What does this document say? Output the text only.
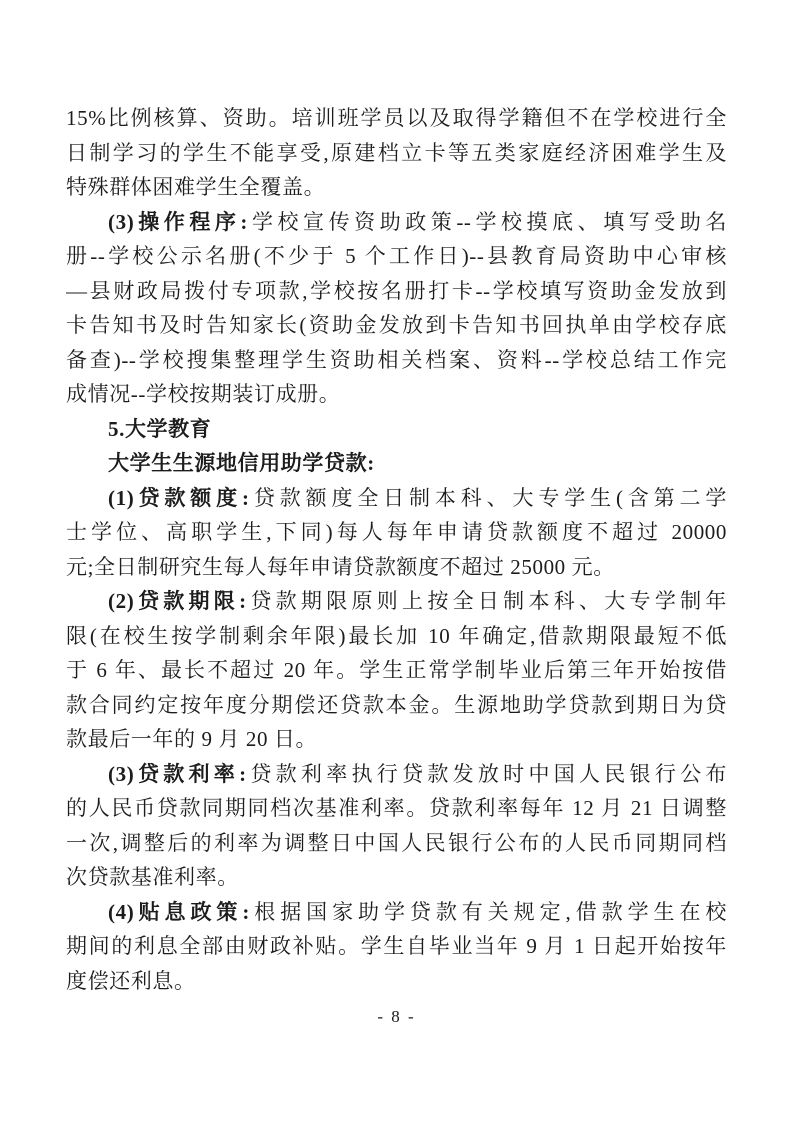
15%比例核算、资助。培训班学员以及取得学籍但不在学校进行全
日制学习的学生不能享受,原建档立卡等五类家庭经济困难学生及
特殊群体困难学生全覆盖。
(3)操作程序:学校宣传资助政策--学校摸底、填写受助名
册--学校公示名册(不少于 5 个工作日)--县教育局资助中心审核
—县财政局拨付专项款,学校按名册打卡--学校填写资助金发放到
卡告知书及时告知家长(资助金发放到卡告知书回执单由学校存底
备查)--学校搜集整理学生资助相关档案、资料--学校总结工作完
成情况--学校按期装订成册。
5.大学教育
大学生生源地信用助学贷款:
(1)贷款额度:贷款额度全日制本科、大专学生(含第二学
士学位、高职学生,下同)每人每年申请贷款额度不超过 20000
元;全日制研究生每人每年申请贷款额度不超过 25000 元。
(2)贷款期限:贷款期限原则上按全日制本科、大专学制年
限(在校生按学制剩余年限)最长加 10 年确定,借款期限最短不低
于 6 年、最长不超过 20 年。学生正常学制毕业后第三年开始按借
款合同约定按年度分期偿还贷款本金。生源地助学贷款到期日为贷
款最后一年的 9 月 20 日。
(3)贷款利率:贷款利率执行贷款发放时中国人民银行公布
的人民币贷款同期同档次基准利率。贷款利率每年 12 月 21 日调整
一次,调整后的利率为调整日中国人民银行公布的人民币同期同档
次贷款基准利率。
(4)贴息政策:根据国家助学贷款有关规定,借款学生在校
期间的利息全部由财政补贴。学生自毕业当年 9 月 1 日起开始按年
度偿还利息。
- 8 -
